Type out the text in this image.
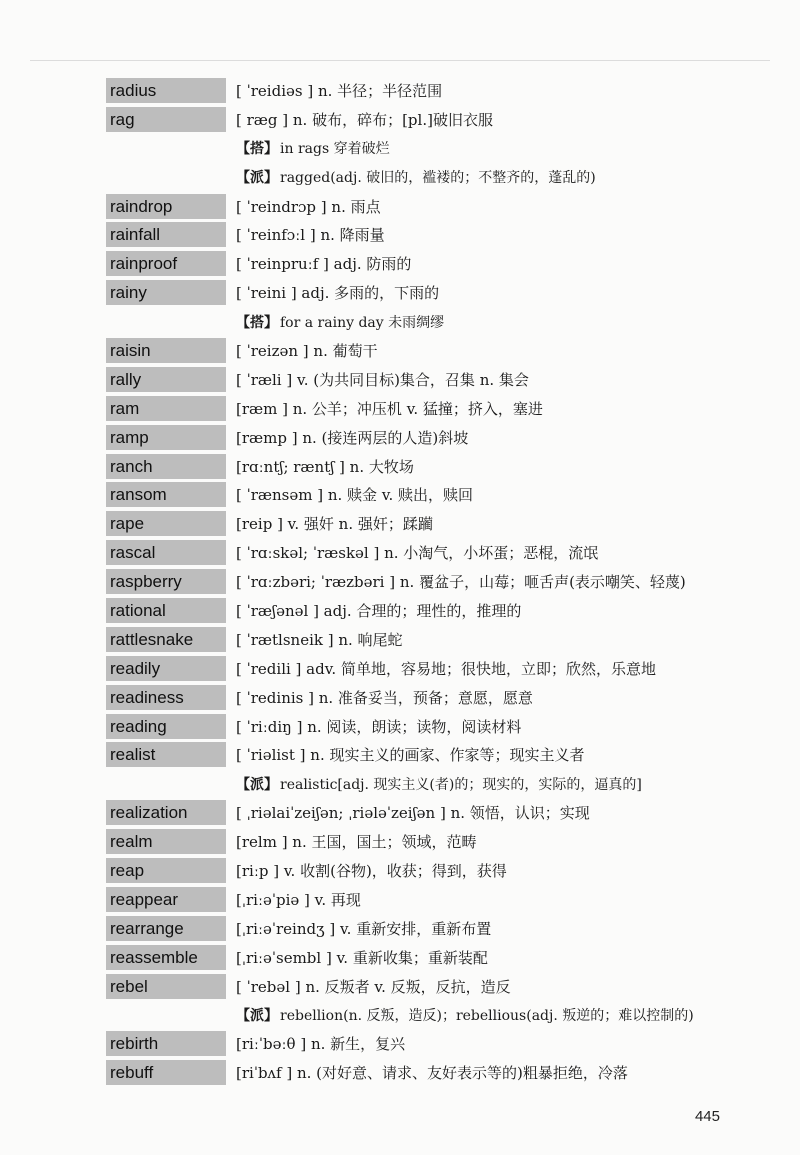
radius	[ ˈreidiəs ] n. 半径；半径范围
rag	[ ræg ] n. 破布，碎布；[pl.]破旧衣服
【搭】 in rags 穿着破烂
【派】 ragged(adj. 破旧的，褴褛的；不整齐的，蓬乱的)
raindrop	[ ˈreindrɔp ] n. 雨点
rainfall	[ ˈreinfɔːl ] n. 降雨量
rainproof	[ ˈreinpruːf ] adj. 防雨的
rainy	[ ˈreini ] adj. 多雨的，下雨的
【搭】 for a rainy day 未雨绸缪
raisin	[ ˈreizən ] n. 葡萄干
rally	[ ˈræli ] v. (为共同目标)集合，召集 n. 集会
ram	[ræm ] n. 公羊；冲压机 v. 猛撞；挤入，塞进
ramp	[ræmp ] n. (接连两层的人造)斜坡
ranch	[rɑːntʃ; ræntʃ ] n. 大牧场
ransom	[ ˈrænsəm ] n. 赎金 v. 赎出，赎回
rape	[reip ] v. 强奸 n. 强奸；蹂躏
rascal	[ ˈrɑːskəl; ˈræskəl ] n. 小淘气，小坏蛋；恶棍，流氓
raspberry	[ ˈrɑːzbəri; ˈræzbəri ] n. 覆盆子，山莓；咂舌声(表示嘲笑、轻蔑)
rational	[ ˈræʃənəl ] adj. 合理的；理性的，推理的
rattlesnake	[ ˈrætlsneik ] n. 响尾蛇
readily	[ ˈredili ] adv. 简单地，容易地；很快地，立即；欣然，乐意地
readiness	[ ˈredinis ] n. 准备妥当，预备；意愿，愿意
reading	[ ˈriːdiŋ ] n. 阅读，朗读；读物，阅读材料
realist	[ ˈriəlist ] n. 现实主义的画家、作家等；现实主义者
【派】 realistic[adj. 现实主义(者)的；现实的，实际的，逼真的]
realization	[ ˌriəlaiˈzeiʃən; ˌriələˈzeiʃən ] n. 领悟，认识；实现
realm	[relm ] n. 王国，国土；领域，范畴
reap	[riːp ] v. 收割(谷物)，收获；得到，获得
reappear	[ˌriːəˈpiə ] v. 再现
rearrange	[ˌriːəˈreindʒ ] v. 重新安排，重新布置
reassemble	[ˌriːəˈsembl ] v. 重新收集；重新装配
rebel	[ ˈrebəl ] n. 反叛者 v. 反叛，反抗，造反
【派】 rebellion(n. 反叛，造反)；rebellious(adj. 叛逆的；难以控制的)
rebirth	[riːˈbəːθ ] n. 新生，复兴
rebuff	[riˈbʌf ] n. (对好意、请求、友好表示等的)粗暴拒绝，冷落
445
